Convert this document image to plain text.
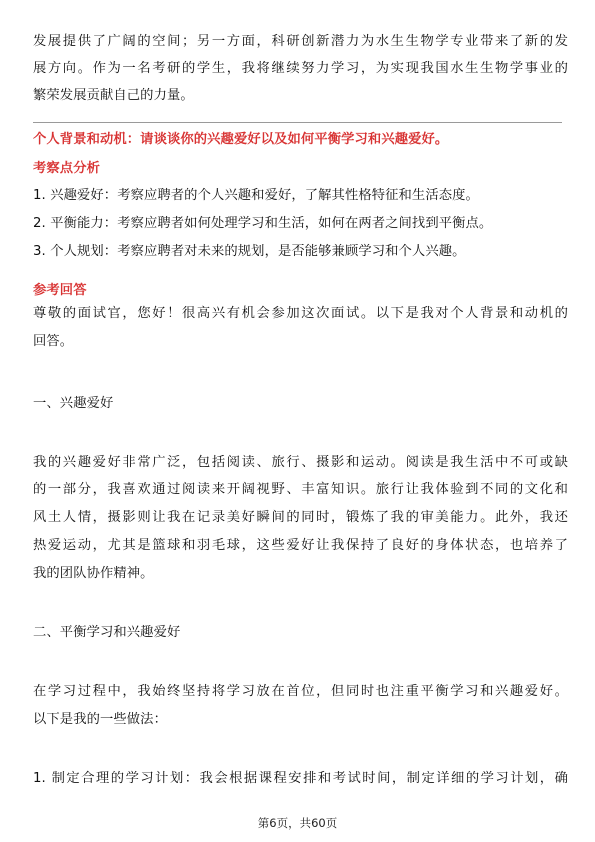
发展提供了广阔的空间；另一方面，科研创新潜力为水生生物学专业带来了新的发
展方向。作为一名考研的学生，我将继续努力学习，为实现我国水生生物学事业的
繁荣发展贡献自己的力量。
个人背景和动机：请谈谈你的兴趣爱好以及如何平衡学习和兴趣爱好。
考察点分析
1. 兴趣爱好：考察应聘者的个人兴趣和爱好，了解其性格特征和生活态度。
2. 平衡能力：考察应聘者如何处理学习和生活，如何在两者之间找到平衡点。
3. 个人规划：考察应聘者对未来的规划，是否能够兼顾学习和个人兴趣。
参考回答
尊敬的面试官，您好！很高兴有机会参加这次面试。以下是我对个人背景和动机的
回答。
一、兴趣爱好
我的兴趣爱好非常广泛，包括阅读、旅行、摄影和运动。阅读是我生活中不可或缺
的一部分，我喜欢通过阅读来开阔视野、丰富知识。旅行让我体验到不同的文化和
风土人情，摄影则让我在记录美好瞬间的同时，锻炼了我的审美能力。此外，我还
热爱运动，尤其是篮球和羽毛球，这些爱好让我保持了良好的身体状态，也培养了
我的团队协作精神。
二、平衡学习和兴趣爱好
在学习过程中，我始终坚持将学习放在首位，但同时也注重平衡学习和兴趣爱好。
以下是我的一些做法：
1. 制定合理的学习计划：我会根据课程安排和考试时间，制定详细的学习计划，确
第6页，共60页
